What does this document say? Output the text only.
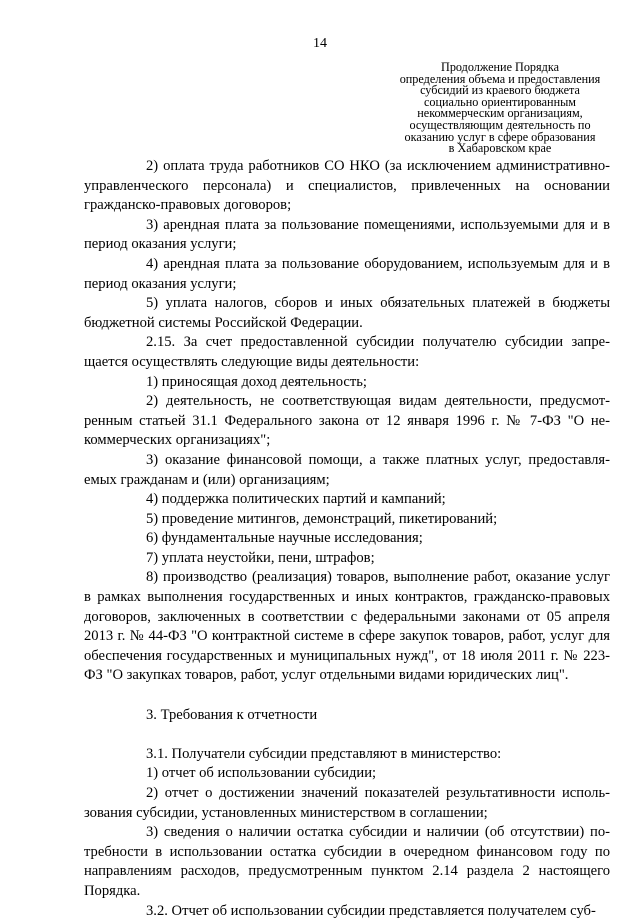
14
Продолжение Порядка
определения объема и предоставления
субсидий из краевого бюджета
социально ориентированным
некоммерческим организациям,
осуществляющим деятельность по
оказанию услуг в сфере образования
в Хабаровском крае

2) оплата труда работников СО НКО (за исключением административно-управленческого персонала) и специалистов, привлеченных на основании гражданско-правовых договоров;

3) арендная плата за пользование помещениями, используемыми для и в период оказания услуги;

4) арендная плата за пользование оборудованием, используемым для и в период оказания услуги;

5) уплата налогов, сборов и иных обязательных платежей в бюджеты бюджетной системы Российской Федерации.

2.15. За счет предоставленной субсидии получателю субсидии запрещается осуществлять следующие виды деятельности:

1) приносящая доход деятельность;

2) деятельность, не соответствующая видам деятельности, предусмотренным статьей 31.1 Федерального закона от 12 января 1996 г. № 7-ФЗ "О некоммерческих организациях";

3) оказание финансовой помощи, а также платных услуг, предоставляемых гражданам и (или) организациям;

4) поддержка политических партий и кампаний;

5) проведение митингов, демонстраций, пикетирований;

6) фундаментальные научные исследования;

7) уплата неустойки, пени, штрафов;

8) производство (реализация) товаров, выполнение работ, оказание услуг в рамках выполнения государственных и иных контрактов, гражданско-правовых договоров, заключенных в соответствии с федеральными законами от 05 апреля 2013 г. № 44-ФЗ "О контрактной системе в сфере закупок товаров, работ, услуг для обеспечения государственных и муниципальных нужд", от 18 июля 2011 г. № 223-ФЗ "О закупках товаров, работ, услуг отдельными видами юридических лиц".

3. Требования к отчетности

3.1. Получатели субсидии представляют в министерство:

1) отчет об использовании субсидии;

2) отчет о достижении значений показателей результативности использования субсидии, установленных министерством в соглашении;

3) сведения о наличии остатка субсидии и наличии (об отсутствии) потребности в использовании остатка субсидии в очередном финансовом году по направлениям расходов, предусмотренным пунктом 2.14 раздела 2 настоящего Порядка.

3.2. Отчет об использовании субсидии представляется получателем суб-
